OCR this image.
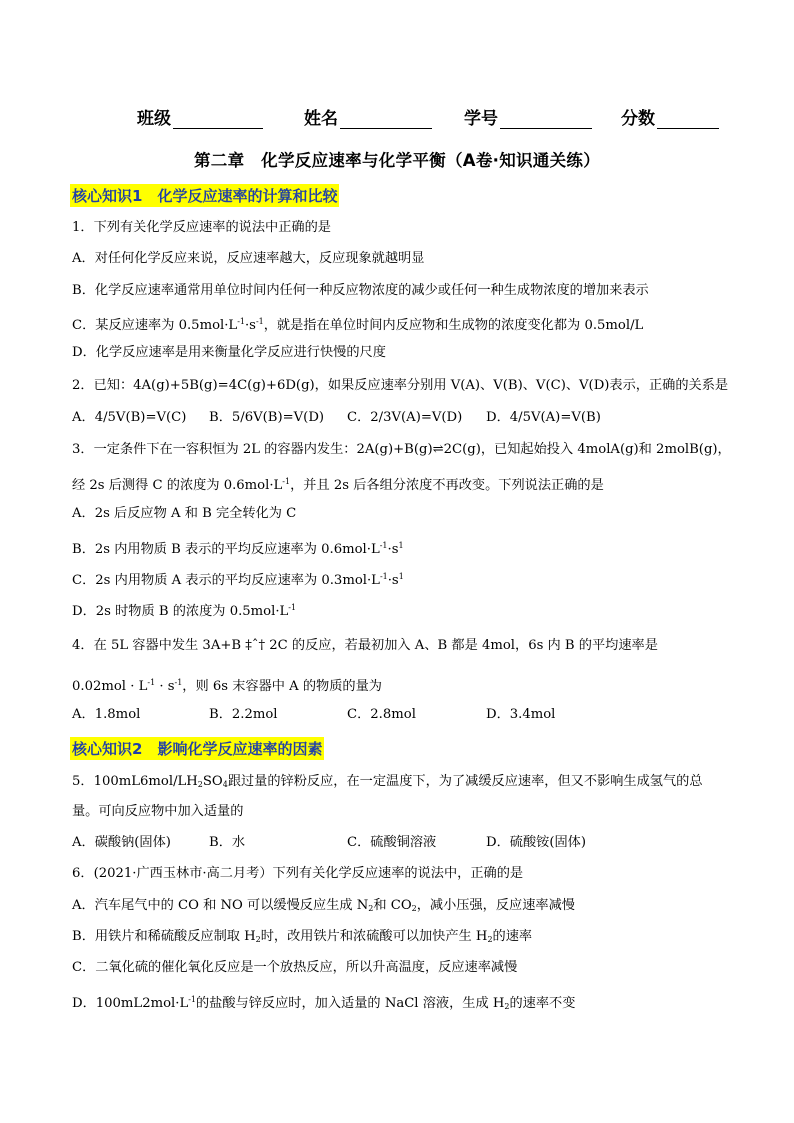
班级	姓名	学号	分数
第二章　化学反应速率与化学平衡（A卷·知识通关练）
核心知识1　化学反应速率的计算和比较
1．下列有关化学反应速率的说法中正确的是
A．对任何化学反应来说，反应速率越大，反应现象就越明显
B．化学反应速率通常用单位时间内任何一种反应物浓度的减少或任何一种生成物浓度的增加来表示
C．某反应速率为 $0.5mol\cdot L^{-1}\cdot s^{-1}$，就是指在单位时间内反应物和生成物的浓度变化都为 0.5mol/L
D．化学反应速率是用来衡量化学反应进行快慢的尺度
2．已知：4A(g)+5B(g)=4C(g)+6D(g)，如果反应速率分别用 V(A)、V(B)、V(C)、V(D)表示，正确的关系是
A．4/5V(B)=V(C) B．5/6V(B)=V(D) C．2/3V(A)=V(D) D．4/5V(A)=V(B)
3．一定条件下在一容积恒为 2L 的容器内发生：2A(g)+B(g)⇌2C(g)，已知起始投入 4molA(g)和 2molB(g)，
经 2s 后测得 C 的浓度为 $0.6mol\cdot L^{-1}$，并且 2s 后各组分浓度不再改变。下列说法正确的是
A．2s 后反应物 A 和 B 完全转化为 C
B．2s 内用物质 B 表示的平均反应速率为 $0.6mol\cdot L^{-1}\cdot s^1$
C．2s 内用物质 A 表示的平均反应速率为 $0.3mol\cdot L^{-1}\cdot s^1$
D．2s 时物质 B 的浓度为 $0.5mol\cdot L^{-1}$
4．在 5L 容器中发生 3A+B ‡ˆ† 2C 的反应，若最初加入 A、B 都是 4mol，6s 内 B 的平均速率是
$0.02mol \cdot L^{-1} \cdot s^{-1}$，则 6s 末容器中 A 的物质的量为
A．1.8mol	B．2.2mol	C．2.8mol	D．3.4mol
核心知识2　影响化学反应速率的因素
5．$100mL6mol/LH_2SO_4$跟过量的锌粉反应，在一定温度下，为了减缓反应速率，但又不影响生成氢气的总
量。可向反应物中加入适量的
A．碳酸钠(固体)	B．水	C．硫酸铜溶液	D．硫酸铵(固体)
6．(2021·广西玉林市·高二月考）下列有关化学反应速率的说法中，正确的是
A．汽车尾气中的 CO 和 NO 可以缓慢反应生成 $N_2$和 $CO_2$，减小压强，反应速率减慢
B．用铁片和稀硫酸反应制取 $H_2$时，改用铁片和浓硫酸可以加快产生 $H_2$的速率
C．二氧化硫的催化氧化反应是一个放热反应，所以升高温度，反应速率减慢
D．$100mL2mol\cdot L^{-1}$的盐酸与锌反应时，加入适量的 NaCl 溶液，生成 $H_2$的速率不变
